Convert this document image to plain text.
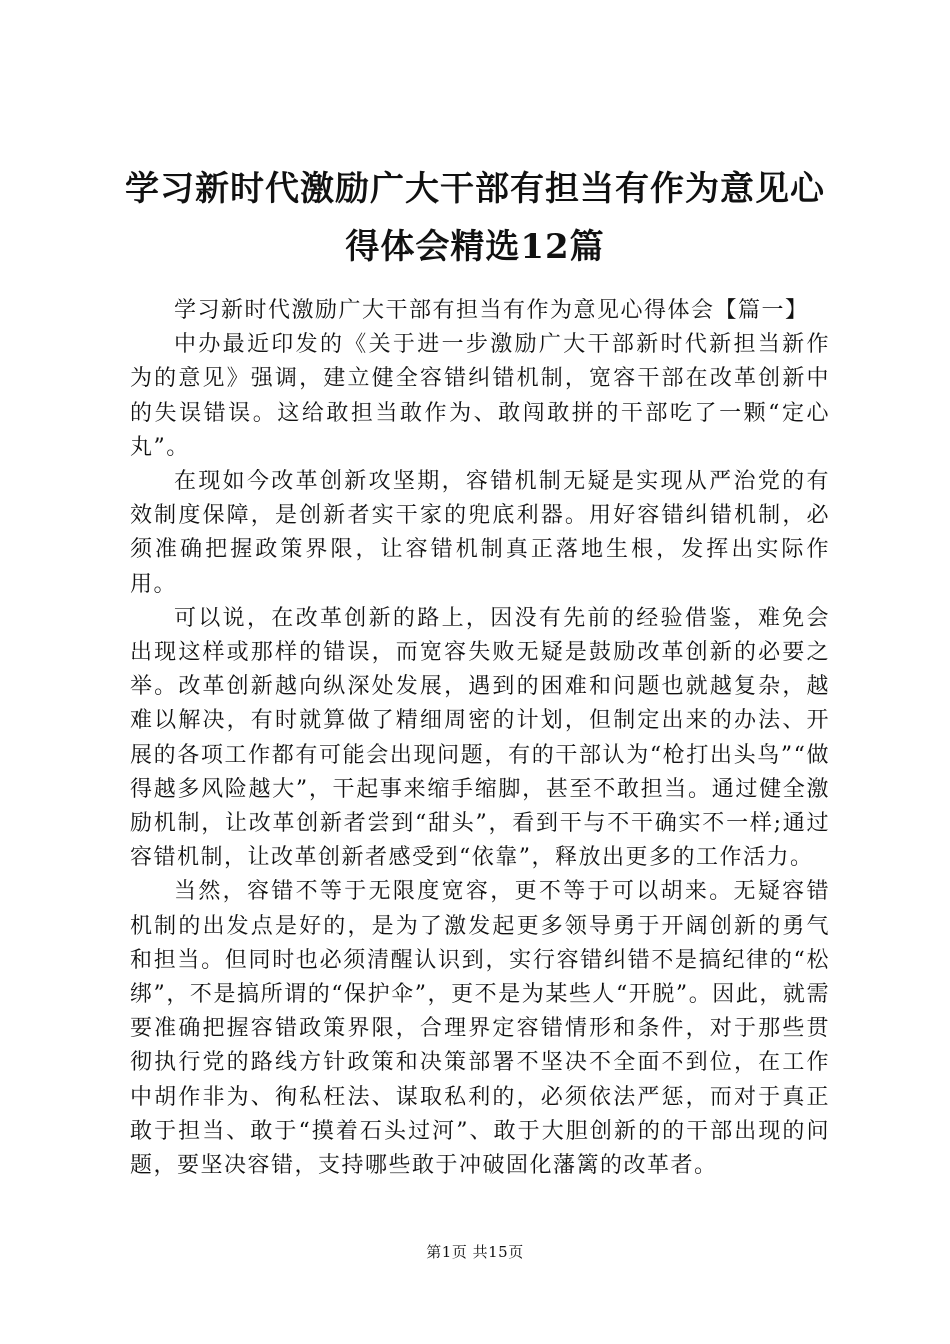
学习新时代激励广大干部有担当有作为意见心得体会精选12篇

学习新时代激励广大干部有担当有作为意见心得体会【篇一】

中办最近印发的《关于进一步激励广大干部新时代新担当新作为的意见》强调，建立健全容错纠错机制，宽容干部在改革创新中的失误错误。这给敢担当敢作为、敢闯敢拼的干部吃了一颗“定心丸”。

在现如今改革创新攻坚期，容错机制无疑是实现从严治党的有效制度保障，是创新者实干家的兜底利器。用好容错纠错机制，必须准确把握政策界限，让容错机制真正落地生根，发挥出实际作用。

可以说，在改革创新的路上，因没有先前的经验借鉴，难免会出现这样或那样的错误，而宽容失败无疑是鼓励改革创新的必要之举。改革创新越向纵深处发展，遇到的困难和问题也就越复杂，越难以解决，有时就算做了精细周密的计划，但制定出来的办法、开展的各项工作都有可能会出现问题，有的干部认为“枪打出头鸟”“做得越多风险越大”，干起事来缩手缩脚，甚至不敢担当。通过健全激励机制，让改革创新者尝到“甜头”，看到干与不干确实不一样;通过容错机制，让改革创新者感受到“依靠”，释放出更多的工作活力。

当然，容错不等于无限度宽容，更不等于可以胡来。无疑容错机制的出发点是好的，是为了激发起更多领导勇于开阔创新的勇气和担当。但同时也必须清醒认识到，实行容错纠错不是搞纪律的“松绑”，不是搞所谓的“保护伞”，更不是为某些人“开脱”。因此，就需要准确把握容错政策界限，合理界定容错情形和条件，对于那些贯彻执行党的路线方针政策和决策部署不坚决不全面不到位，在工作中胡作非为、徇私枉法、谋取私利的，必须依法严惩，而对于真正敢于担当、敢于“摸着石头过河”、敢于大胆创新的的干部出现的问题，要坚决容错，支持哪些敢于冲破固化藩篱的改革者。

第1页 共15页
